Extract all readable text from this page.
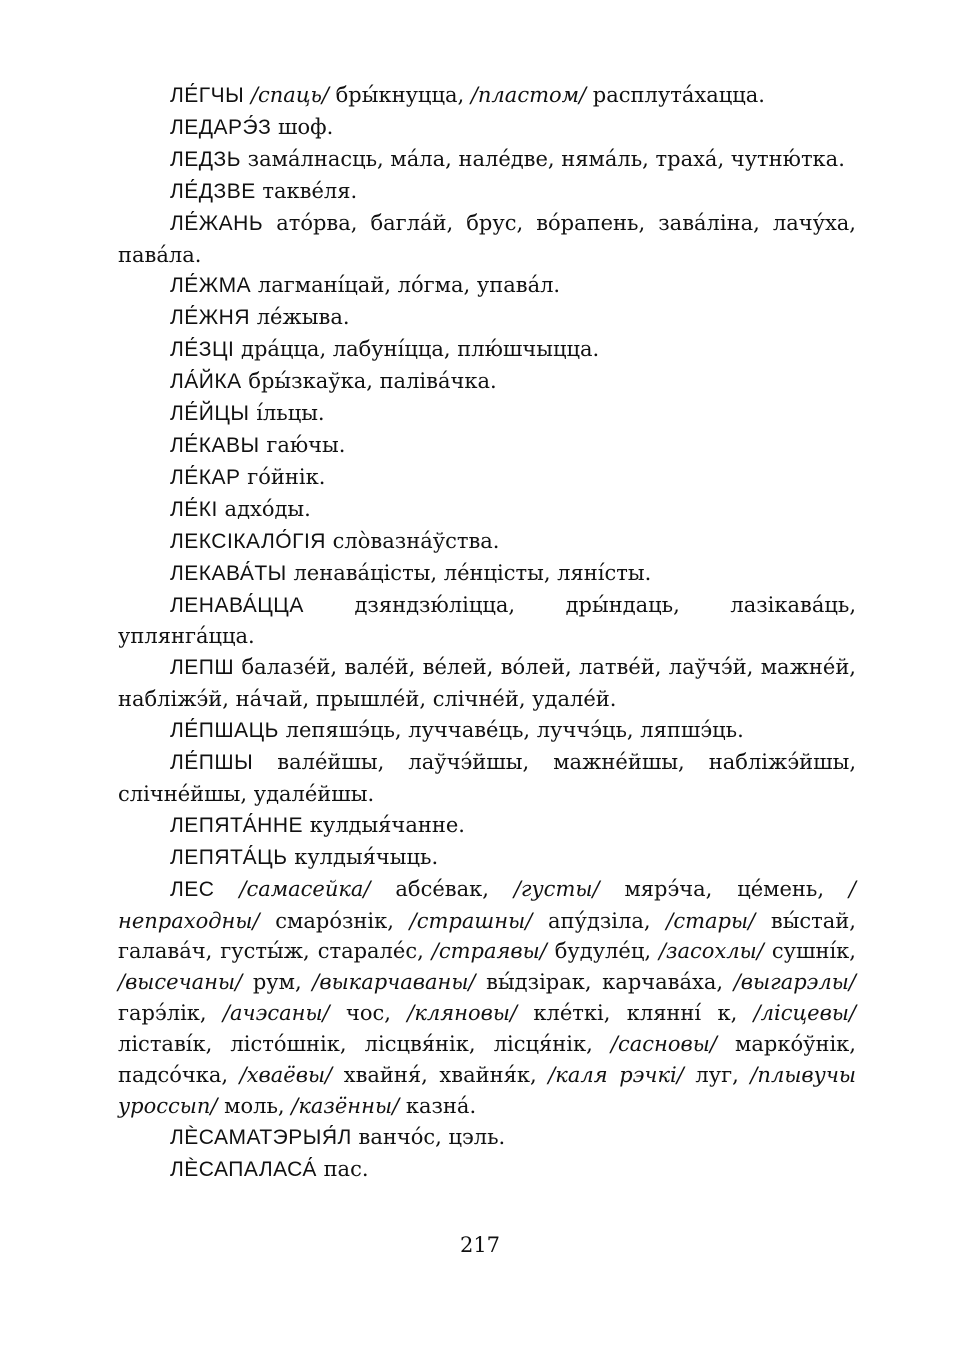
ЛЕ́ГЧЫ /спаць/ бры́кнуцца, /пластом/ расплута́хацца.

ЛЕДАРЭ́З шоф.

ЛЕДЗЬ зама́лнасць, ма́ла, нале́две, няма́ль, траха́, чутню́тка.

ЛЕ́ДЗВЕ таквéля.

ЛЕ́ЖАНЬ ато́рва, багла́й, брус, во́рапень, зава́ліна, лачу́ха, пава́ла.

ЛЕ́ЖМА лагмані́цай, ло́гма, упава́л.

ЛЕ́ЖНЯ ле́жыва.

ЛЕ́ЗЦІ дра́цца, лабуні́цца, плю́шчыцца.

ЛА́ЙКА бры́зкаўка, паліва́чка.

ЛЕ́ЙЦЫ і́льцы.

ЛЕ́КАВЫ гаю́чы.

ЛЕ́КАР го́йнік.

ЛЕ́КІ адхо́ды.

ЛЕКСІКАЛО́ГІЯ слòвазна́ўства.

ЛЕКАВА́ТЫ ленава́цісты, ле́нцісты, ляні́сты.

ЛЕНАВА́ЦЦА дзяндзю́ліцца, дры́ндаць, лазікава́ць, уплянга́цца.

ЛЕПШ балазе́й, вале́й, ве́лей, во́лей, латве́й, лаўчэ́й, мажне́й, набліжэ́й, на́чай, прышле́й, слічне́й, удале́й.

ЛЕ́ПШАЦЬ лепяшэ́ць, луччаве́ць, луччэ́ць, ляпшэ́ць.

ЛЕ́ПШЫ вале́йшы, лаўчэ́йшы, мажне́йшы, набліжэ́йшы, слічне́йшы, удале́йшы.

ЛЕПЯТА́ННЕ кулдыя́чанне.

ЛЕПЯТА́ЦЬ кулдыя́чыць.

ЛЕС /самасейка/ абсе́вак, /густы/ мярэ́ча, це́мень, /непраходны/ смаро́знік, /страшны/ апу́дзіла, /стары/ вы́стай, галава́ч, густы́ж, старале́с, /страявы/ будуле́ц, /засохлы/ сушні́к, /высечаны/ рум, /выкарчаваны/ вы́дзірак, карчава́ха, /выгарэлы/ гарэ́лік, /ачэсаны/ чос, /кляновы/ кле́ткі, кляннí к, /ліcцевы/ ліставі́к, лісто́шнік, ліcцвя́нік, ліcця́нік, /сасновы/ маркóўнік, падсо́чка, /хваёвы/ хвайня́, хвайня́к, /каля рэчкі/ луг, /плывучы уроссып/ моль, /казённы/ казна́.

ЛЀСАМАТЭРЫЯ́Л ванчо́с, цэль.

ЛЀСАПАЛАСА́ пас.

217
